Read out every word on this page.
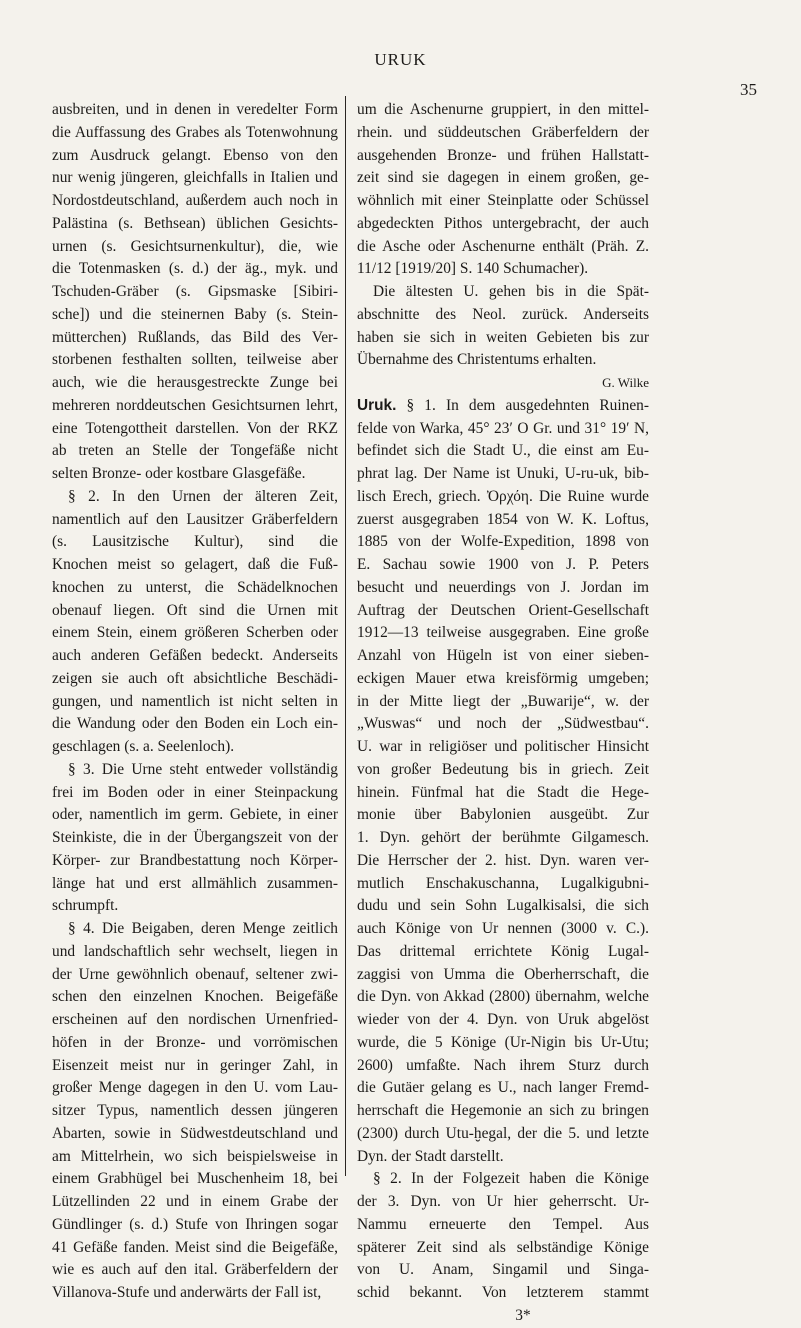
URUK
35
ausbreiten, und in denen in veredelter Form
die Auffassung des Grabes als Totenwohnung
zum Ausdruck gelangt. Ebenso von den
nur wenig jüngeren, gleichfalls in Italien und
Nordostdeutschland, außerdem auch noch in
Palästina (s. Bethsean) üblichen Gesichts-
urnen (s. Gesichtsurnenkultur), die, wie
die Totenmasken (s. d.) der äg., myk. und
Tschuden-Gräber (s. Gipsmaske [Sibiri-
sche]) und die steinernen Baby (s. Stein-
mütterchen) Rußlands, das Bild des Ver-
storbenen festhalten sollten, teilweise aber
auch, wie die herausgestreckte Zunge bei
mehreren norddeutschen Gesichtsurnen lehrt,
eine Totengottheit darstellen. Von der RKZ
ab treten an Stelle der Tongefäße nicht
selten Bronze- oder kostbare Glasgefäße.
§ 2. In den Urnen der älteren Zeit,
namentlich auf den Lausitzer Gräberfeldern
(s. Lausitzische Kultur), sind die
Knochen meist so gelagert, daß die Fuß-
knochen zu unterst, die Schädelknochen
obenauf liegen. Oft sind die Urnen mit
einem Stein, einem größeren Scherben oder
auch anderen Gefäßen bedeckt. Anderseits
zeigen sie auch oft absichtliche Beschädi-
gungen, und namentlich ist nicht selten in
die Wandung oder den Boden ein Loch ein-
geschlagen (s. a. Seelenloch).
§ 3. Die Urne steht entweder vollständig
frei im Boden oder in einer Steinpackung
oder, namentlich im germ. Gebiete, in einer
Steinkiste, die in der Übergangszeit von der
Körper- zur Brandbestattung noch Körper-
länge hat und erst allmählich zusammen-
schrumpft.
§ 4. Die Beigaben, deren Menge zeitlich
und landschaftlich sehr wechselt, liegen in
der Urne gewöhnlich obenauf, seltener zwi-
schen den einzelnen Knochen. Beigefäße
erscheinen auf den nordischen Urnenfried-
höfen in der Bronze- und vorrömischen
Eisenzeit meist nur in geringer Zahl, in
großer Menge dagegen in den U. vom Lau-
sitzer Typus, namentlich dessen jüngeren
Abarten, sowie in Südwestdeutschland und
am Mittelrhein, wo sich beispielsweise in
einem Grabhügel bei Muschenheim 18, bei
Lützellinden 22 und in einem Grabe der
Gündlinger (s. d.) Stufe von Ihringen sogar
41 Gefäße fanden. Meist sind die Beigefäße,
wie es auch auf den ital. Gräberfeldern der
Villanova-Stufe und anderwärts der Fall ist,
um die Aschenurne gruppiert, in den mittel-
rhein. und süddeutschen Gräberfeldern der
ausgehenden Bronze- und frühen Hallstatt-
zeit sind sie dagegen in einem großen, ge-
wöhnlich mit einer Steinplatte oder Schüssel
abgedeckten Pithos untergebracht, der auch
die Asche oder Aschenurne enthält (Präh. Z.
11/12 [1919/20] S. 140 Schumacher).
Die ältesten U. gehen bis in die Spät-
abschnitte des Neol. zurück. Anderseits
haben sie sich in weiten Gebieten bis zur
Übernahme des Christentums erhalten.
G. Wilke
Uruk. § 1. In dem ausgedehnten Ruinen-
felde von Warka, 45° 23′ O Gr. und 31° 19′ N,
befindet sich die Stadt U., die einst am Eu-
phrat lag. Der Name ist Unuki, U-ru-uk, bib-
lisch Erech, griech. Ὀρχόη. Die Ruine wurde
zuerst ausgegraben 1854 von W. K. Loftus,
1885 von der Wolfe-Expedition, 1898 von
E. Sachau sowie 1900 von J. P. Peters
besucht und neuerdings von J. Jordan im
Auftrag der Deutschen Orient-Gesellschaft
1912—13 teilweise ausgegraben. Eine große
Anzahl von Hügeln ist von einer sieben-
eckigen Mauer etwa kreisförmig umgeben;
in der Mitte liegt der „Buwarije“, w. der
„Wuswas“ und noch der „Südwestbau“.
U. war in religiöser und politischer Hinsicht
von großer Bedeutung bis in griech. Zeit
hinein. Fünfmal hat die Stadt die Hege-
monie über Babylonien ausgeübt. Zur
1. Dyn. gehört der berühmte Gilgamesch.
Die Herrscher der 2. hist. Dyn. waren ver-
mutlich Enschakuschanna, Lugalkigubni-
dudu und sein Sohn Lugalkisalsi, die sich
auch Könige von Ur nennen (3000 v. C.).
Das drittemal errichtete König Lugal-
zaggisi von Umma die Oberherrschaft, die
die Dyn. von Akkad (2800) übernahm, welche
wieder von der 4. Dyn. von Uruk abgelöst
wurde, die 5 Könige (Ur-Nigin bis Ur-Utu;
2600) umfaßte. Nach ihrem Sturz durch
die Gutäer gelang es U., nach langer Fremd-
herrschaft die Hegemonie an sich zu bringen
(2300) durch Utu-ḫegal, der die 5. und letzte
Dyn. der Stadt darstellt.
§ 2. In der Folgezeit haben die Könige
der 3. Dyn. von Ur hier geherrscht. Ur-
Nammu erneuerte den Tempel. Aus
späterer Zeit sind als selbständige Könige
von U. Anam, Singamil und Singa-
schid bekannt. Von letzterem stammt
3*
